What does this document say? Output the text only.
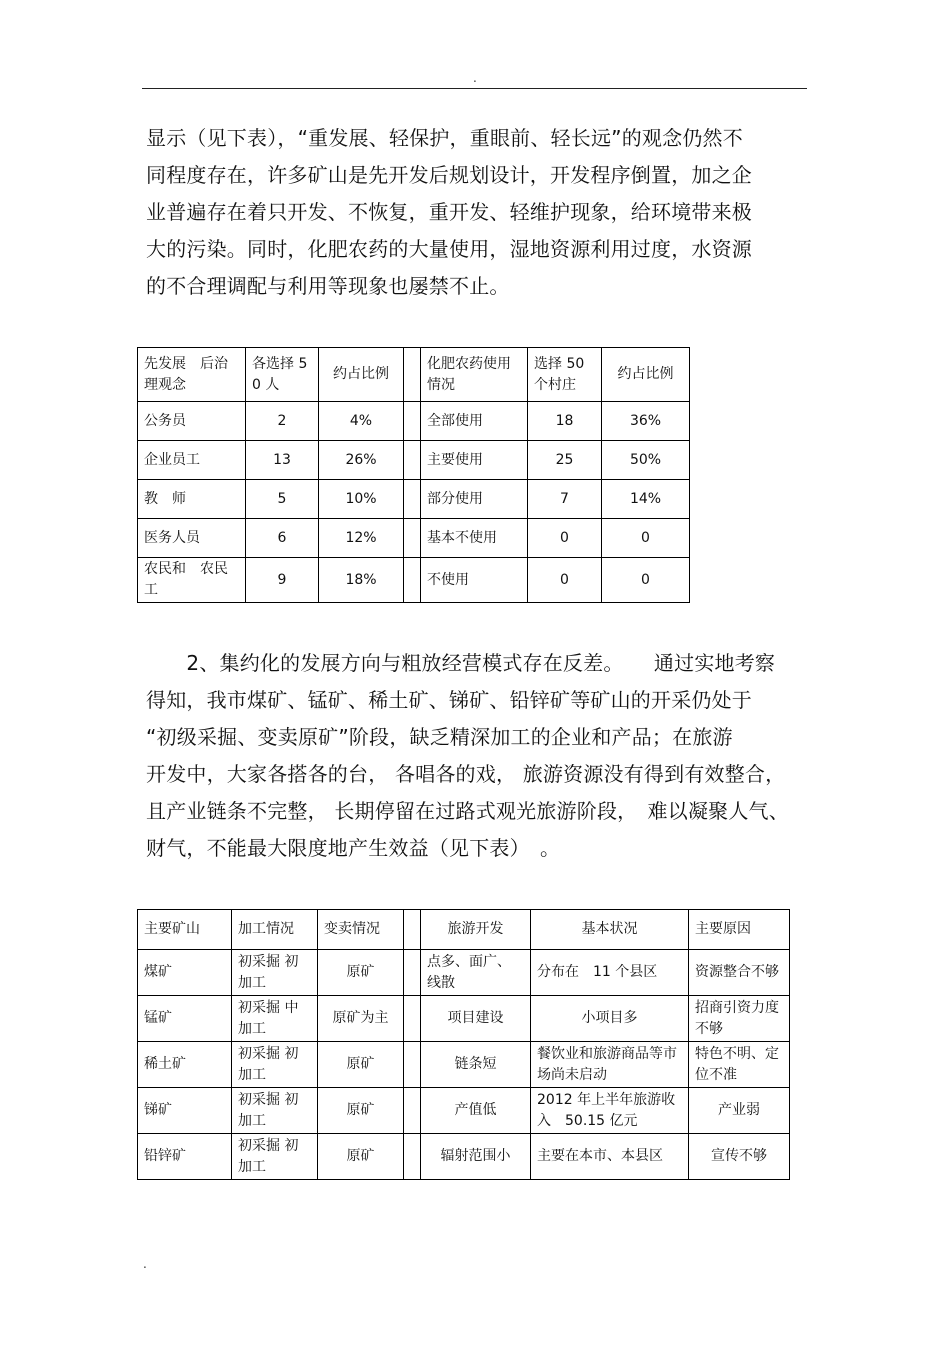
.

显示（见下表），“重发展、轻保护，重眼前、轻长远”的观念仍然不
同程度存在，许多矿山是先开发后规划设计，开发程序倒置，加之企
业普遍存在着只开发、不恢复，重开发、轻维护现象，给环境带来极
大的污染。同时，化肥农药的大量使用，湿地资源利用过度，水资源
的不合理调配与利用等现象也屡禁不止。

先发展　后治理观念	各选择 50 人	约占比例		化肥农药使用情况	选择 50 个村庄	约占比例
公务员	2	4%		全部使用	18	36%
企业员工	13	26%		主要使用	25	50%
教　师	5	10%		部分使用	7	14%
医务人员	6	12%		基本不使用	0	0
农民和　农民工	9	18%		不使用	0	0

　　2、集约化的发展方向与粗放经营模式存在反差。　　通过实地考察
得知，我市煤矿、锰矿、稀土矿、锑矿、铅锌矿等矿山的开采仍处于
“初级采掘、变卖原矿”阶段，缺乏精深加工的企业和产品；在旅游
开发中，大家各搭各的台， 各唱各的戏， 旅游资源没有得到有效整合，
且产业链条不完整， 长期停留在过路式观光旅游阶段，　难以凝聚人气、
财气，不能最大限度地产生效益（见下表）　。

主要矿山	加工情况	变卖情况		旅游开发	基本状况	主要原因
煤矿	初采掘 初加工	原矿		点多、面广、线散	分布在　11 个县区	资源整合不够
锰矿	初采掘 中加工	原矿为主		项目建设	小项目多	招商引资力度不够
稀土矿	初采掘 初加工	原矿		链条短	餐饮业和旅游商品等市场尚未启动	特色不明、定位不准
锑矿	初采掘 初加工	原矿		产值低	2012 年上半年旅游收入　50.15 亿元	产业弱
铅锌矿	初采掘 初加工	原矿		辐射范围小	主要在本市、本县区	宣传不够
.
